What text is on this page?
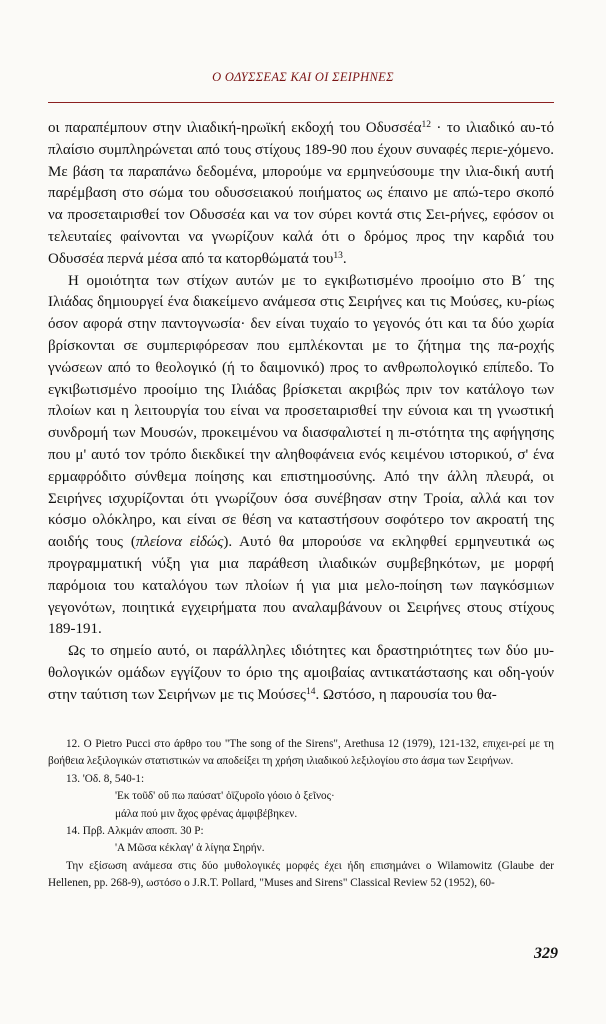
Ο ΟΔΥΣΣΕΑΣ ΚΑΙ ΟΙ ΣΕΙΡΗΝΕΣ

οι παραπέμπουν στην ιλιαδική-ηρωϊκή εκδοχή του Οδυσσέα$^{12}$ · το ιλιαδικό αυ-τό πλαίσιο συμπληρώνεται από τους στίχους 189-90 που έχουν συναφές περιε-χόμενο. Με βάση τα παραπάνω δεδομένα, μπορούμε να ερμηνεύσουμε την ιλια-δική αυτή παρέμβαση στο σώμα του οδυσσειακού ποιήματος ως έπαινο με απώ-τερο σκοπό να προσεταιρισθεί τον Οδυσσέα και να τον σύρει κοντά στις Σει-ρήνες, εφόσον οι τελευταίες φαίνονται να γνωρίζουν καλά ότι ο δρόμος προς την καρδιά του Οδυσσέα περνά μέσα από τα κατορθώματά του$^{13}$.

Η ομοιότητα των στίχων αυτών με το εγκιβωτισμένο προοίμιο στο Β΄ της Ιλιάδας δημιουργεί ένα διακείμενο ανάμεσα στις Σειρήνες και τις Μούσες, κυ-ρίως όσον αφορά στην παντογνωσία· δεν είναι τυχαίο το γεγονός ότι και τα δύο χωρία βρίσκονται σε συμπεριφόρεσαν που εμπλέκονται με το ζήτημα της πα-ροχής γνώσεων από το θεολογικό (ή το δαιμονικό) προς το ανθρωπολογικό επίπεδο. Το εγκιβωτισμένο προοίμιο της Ιλιάδας βρίσκεται ακριβώς πριν τον κατάλογο των πλοίων και η λειτουργία του είναι να προσεταιρισθεί την εύνοια και τη γνωστική συνδρομή των Μουσών, προκειμένου να διασφαλιστεί η πι-στότητα της αφήγησης που μ' αυτό τον τρόπο διεκδικεί την αληθοφάνεια ενός κειμένου ιστορικού, σ' ένα ερμαφρόδιτο σύνθεμα ποίησης και επιστημοσύνης. Από την άλλη πλευρά, οι Σειρήνες ισχυρίζονται ότι γνωρίζουν όσα συνέβησαν στην Τροία, αλλά και τον κόσμο ολόκληρο, και είναι σε θέση να καταστήσουν σοφότερο τον ακροατή της αοιδής τους (πλείονα εἰδώς). Αυτό θα μπορούσε να εκληφθεί ερμηνευτικά ως προγραμματική νύξη για μια παράθεση ιλιαδικών συμβεβηκότων, με μορφή παρόμοια του καταλόγου των πλοίων ή για μια μελο-ποίηση των παγκόσμιων γεγονότων, ποιητικά εγχειρήματα που αναλαμβάνουν οι Σειρήνες στους στίχους 189-191.

Ως το σημείο αυτό, οι παράλληλες ιδιότητες και δραστηριότητες των δύο μυ-θολογικών ομάδων εγγίζουν το όριο της αμοιβαίας αντικατάστασης και οδη-γούν στην ταύτιση των Σειρήνων με τις Μούσες$^{14}$. Ωστόσο, η παρουσία του θα-

12. Ο Pietro Pucci στο άρθρο του "The song of the Sirens", Arethusa 12 (1979), 121-132, επιχει-ρεί με τη βοήθεια λεξιλογικών στατιστικών να αποδείξει τη χρήση ιλιαδικού λεξιλογίου στο άσμα των Σειρήνων.

13. 'Οδ. 8, 540-1:

'Εκ τοῦδ' οὔ πω παύσατ' ὀϊζυροῖο γόοιο ὁ ξεῖνος·

μάλα πού μιν ἄχος φρένας ἀμφιβέβηκεν.

14. Πρβ. Αλκμάν αποσπ. 30 P:

'Α Μῶσα κέκλαγ' ἁ λίγηα Σηρήν.

Την εξίσωση ανάμεσα στις δύο μυθολογικές μορφές έχει ήδη επισημάνει ο Wilamowitz (Glaube der Hellenen, pp. 268-9), ωστόσο ο J.R.T. Pollard, "Muses and Sirens" Classical Review 52 (1952), 60-

329
